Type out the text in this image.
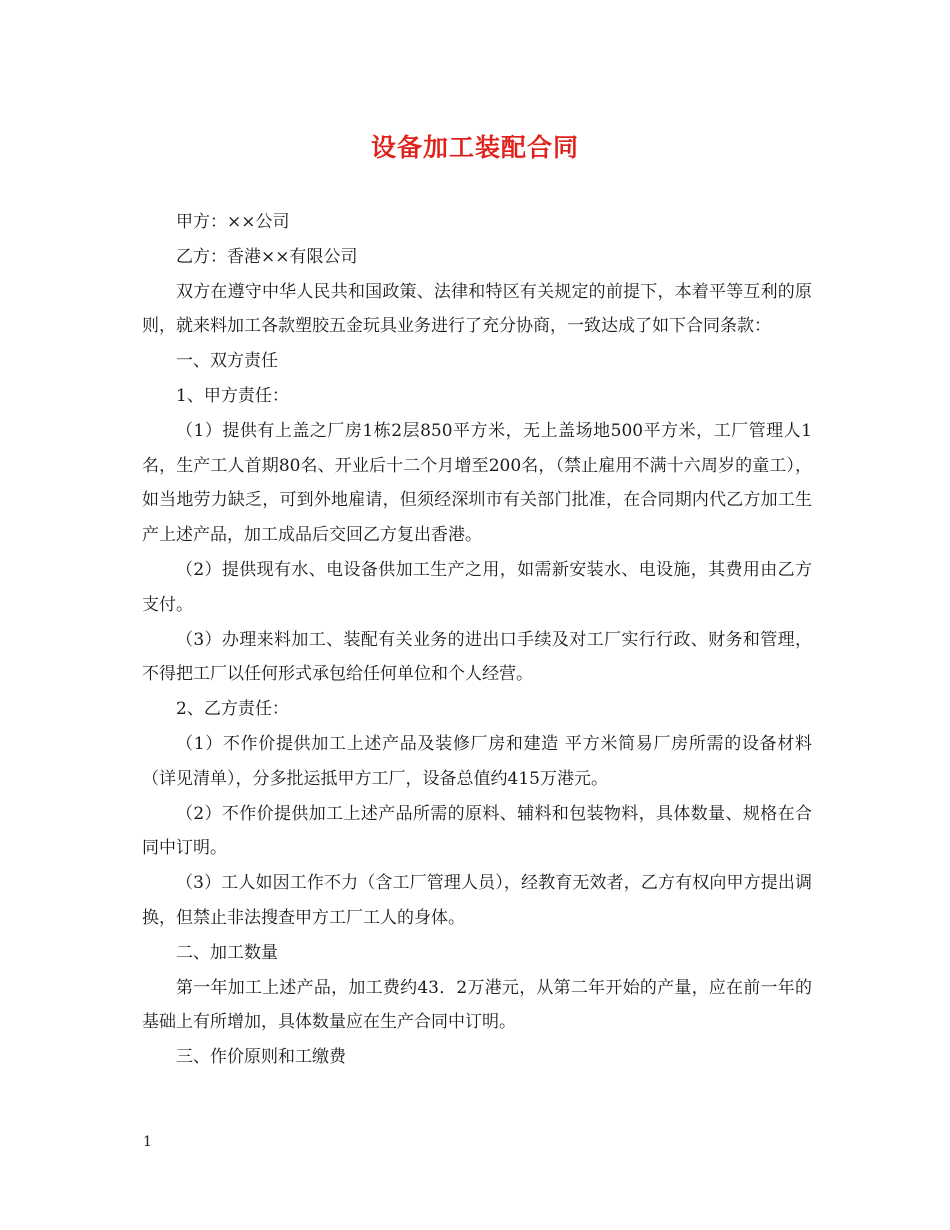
设备加工装配合同

甲方：××公司

乙方：香港××有限公司

双方在遵守中华人民共和国政策、法律和特区有关规定的前提下，本着平等互利的原则，就来料加工各款塑胶五金玩具业务进行了充分协商，一致达成了如下合同条款：

一、双方责任

1、甲方责任：

（1）提供有上盖之厂房1栋2层850平方米，无上盖场地500平方米，工厂管理人1名，生产工人首期80名、开业后十二个月增至200名，（禁止雇用不满十六周岁的童工），如当地劳力缺乏，可到外地雇请，但须经深圳市有关部门批准，在合同期内代乙方加工生产上述产品，加工成品后交回乙方复出香港。

（2）提供现有水、电设备供加工生产之用，如需新安装水、电设施，其费用由乙方支付。

（3）办理来料加工、装配有关业务的进出口手续及对工厂实行行政、财务和管理，不得把工厂以任何形式承包给任何单位和个人经营。

2、乙方责任：

（1）不作价提供加工上述产品及装修厂房和建造 平方米简易厂房所需的设备材料（详见清单），分多批运抵甲方工厂，设备总值约415万港元。

（2）不作价提供加工上述产品所需的原料、辅料和包装物料，具体数量、规格在合同中订明。

（3）工人如因工作不力（含工厂管理人员），经教育无效者，乙方有权向甲方提出调换，但禁止非法搜查甲方工厂工人的身体。

二、加工数量

第一年加工上述产品，加工费约43．2万港元，从第二年开始的产量，应在前一年的基础上有所增加，具体数量应在生产合同中订明。

三、作价原则和工缴费

1
